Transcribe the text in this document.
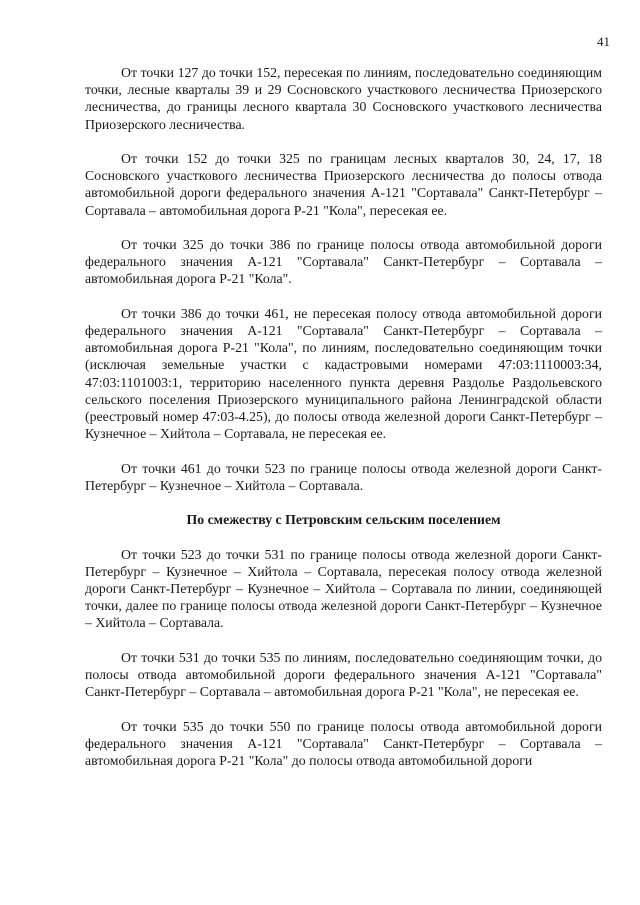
41

От точки 127 до точки 152, пересекая по линиям, последовательно соединяющим точки, лесные кварталы 39 и 29 Сосновского участкового лесничества Приозерского лесничества, до границы лесного квартала 30 Сосновского участкового лесничества Приозерского лесничества.

От точки 152 до точки 325 по границам лесных кварталов 30, 24, 17, 18 Сосновского участкового лесничества Приозерского лесничества до полосы отвода автомобильной дороги федерального значения А-121 "Сортавала" Санкт-Петербург – Сортавала – автомобильная дорога Р-21 "Кола", пересекая ее.

От точки 325 до точки 386 по границе полосы отвода автомобильной дороги федерального значения А-121 "Сортавала" Санкт-Петербург – Сортавала – автомобильная дорога Р-21 "Кола".

От точки 386 до точки 461, не пересекая полосу отвода автомобильной дороги федерального значения А-121 "Сортавала" Санкт-Петербург – Сортавала – автомобильная дорога Р-21 "Кола", по линиям, последовательно соединяющим точки (исключая земельные участки с кадастровыми номерами 47:03:1110003:34, 47:03:1101003:1, территорию населенного пункта деревня Раздолье Раздольевского сельского поселения Приозерского муниципального района Ленинградской области (реестровый номер 47:03-4.25), до полосы отвода железной дороги Санкт-Петербург – Кузнечное – Хийтола – Сортавала, не пересекая ее.

От точки 461 до точки 523 по границе полосы отвода железной дороги Санкт-Петербург – Кузнечное – Хийтола – Сортавала.

По смежеству с Петровским сельским поселением

От точки 523 до точки 531 по границе полосы отвода железной дороги Санкт-Петербург – Кузнечное – Хийтола – Сортавала, пересекая полосу отвода железной дороги Санкт-Петербург – Кузнечное – Хийтола – Сортавала по линии, соединяющей точки, далее по границе полосы отвода железной дороги Санкт-Петербург – Кузнечное – Хийтола – Сортавала.

От точки 531 до точки 535 по линиям, последовательно соединяющим точки, до полосы отвода автомобильной дороги федерального значения А-121 "Сортавала" Санкт-Петербург – Сортавала – автомобильная дорога Р-21 "Кола", не пересекая ее.

От точки 535 до точки 550 по границе полосы отвода автомобильной дороги федерального значения А-121 "Сортавала" Санкт-Петербург – Сортавала – автомобильная дорога Р-21 "Кола" до полосы отвода автомобильной дороги
